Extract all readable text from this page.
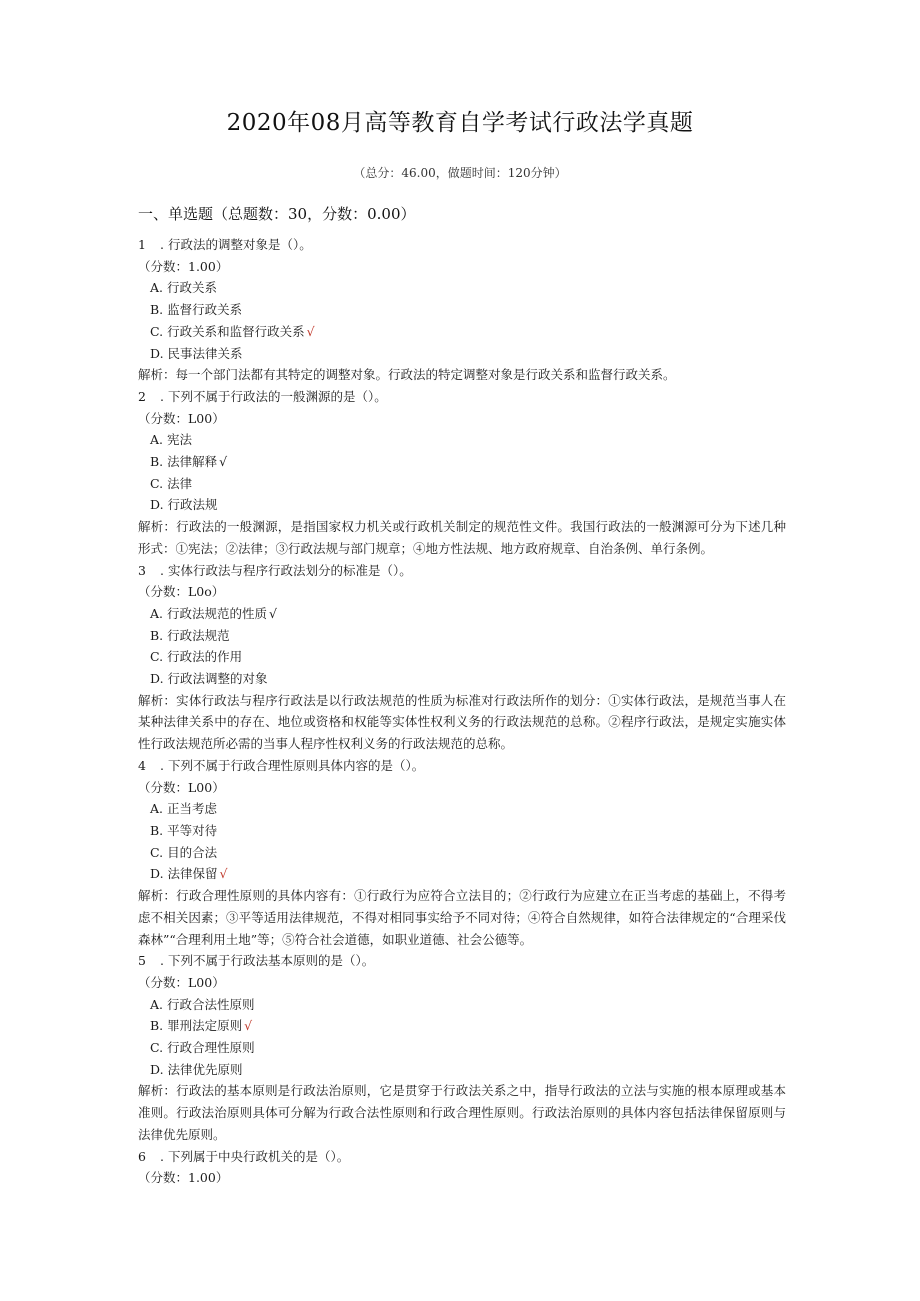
2020年08月高等教育自学考试行政法学真题
（总分：46.00，做题时间：120分钟）
一、单选题（总题数：30，分数：0.00）
1 . 行政法的调整对象是（）。
（分数：1.00）
A. 行政关系
B. 监督行政关系
C. 行政关系和监督行政关系 √
D. 民事法律关系
解析：每一个部门法都有其特定的调整对象。行政法的特定调整对象是行政关系和监督行政关系。
2 . 下列不属于行政法的一般渊源的是（）。
（分数：L00）
A. 宪法
B. 法律解释 √
C. 法律
D. 行政法规
解析：行政法的一般渊源，是指国家权力机关或行政机关制定的规范性文件。我国行政法的一般渊源可分为下述几种形式：①宪法；②法律；③行政法规与部门规章；④地方性法规、地方政府规章、自治条例、单行条例。
3 . 实体行政法与程序行政法划分的标准是（）。
（分数：L0o）
A. 行政法规范的性质 √
B. 行政法规范
C. 行政法的作用
D. 行政法调整的对象
解析：实体行政法与程序行政法是以行政法规范的性质为标准对行政法所作的划分：①实体行政法，是规范当事人在某种法律关系中的存在、地位或资格和权能等实体性权利义务的行政法规范的总称。②程序行政法，是规定实施实体性行政法规范所必需的当事人程序性权利义务的行政法规范的总称。
4 . 下列不属于行政合理性原则具体内容的是（）。
（分数：L00）
A. 正当考虑
B. 平等对待
C. 目的合法
D. 法律保留 √
解析：行政合理性原则的具体内容有：①行政行为应符合立法目的；②行政行为应建立在正当考虑的基础上，不得考虑不相关因素；③平等适用法律规范，不得对相同事实给予不同对待；④符合自然规律，如符合法律规定的“合理采伐森林”“合理利用土地”等；⑤符合社会道德，如职业道德、社会公德等。
5 . 下列不属于行政法基本原则的是（）。
（分数：L00）
A. 行政合法性原则
B. 罪刑法定原则 √
C. 行政合理性原则
D. 法律优先原则
解析：行政法的基本原则是行政法治原则，它是贯穿于行政法关系之中，指导行政法的立法与实施的根本原理或基本准则。行政法治原则具体可分解为行政合法性原则和行政合理性原则。行政法治原则的具体内容包括法律保留原则与法律优先原则。
6 . 下列属于中央行政机关的是（）。
（分数：1.00）
